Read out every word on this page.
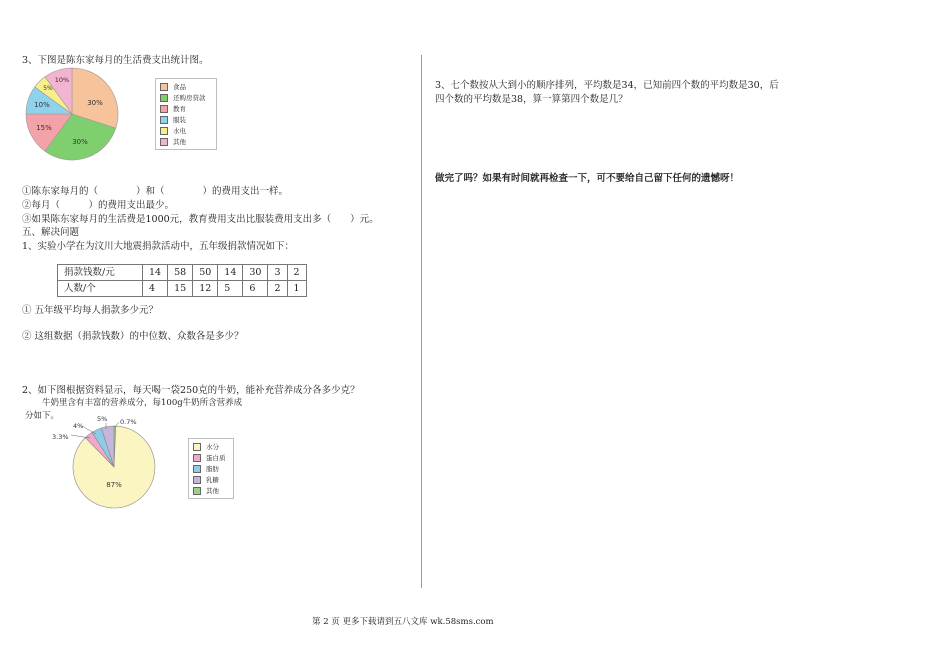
3、下图是陈东家每月的生活费支出统计图。
30%
30%
15%
10%
5%
10%
食品
还购房贷款
教育
服装
水电
其他
①陈东家每月的（　　　　）和（　　　　）的费用支出一样。
②每月（　　　）的费用支出最少。
③如果陈东家每月的生活费是1000元，教育费用支出比服装费用支出多（　　）元。
五、解决问题
1、实验小学在为汶川大地震捐款活动中，五年级捐款情况如下：
捐款钱数/元	14	58	50	14	30	3	2
人数/个	4	15	12	5	6	2	1
① 五年级平均每人捐款多少元？
② 这组数据（捐款钱数）的中位数、众数各是多少？
2、如下图根据资料显示，每天喝一袋250克的牛奶，能补充营养成分各多少克？
牛奶里含有丰富的营养成分，每100g牛奶所含营养成
分如下。
87%
3.3%
4%
5% 0.7%
水分
蛋白质
脂肪
乳糖
其他
3、七个数按从大到小的顺序排列，平均数是34，已知前四个数的平均数是30，后
四个数的平均数是38，算一算第四个数是几？
做完了吗？如果有时间就再检查一下，可不要给自己留下任何的遗憾呀！
第 2 页 更多下载请到五八文库 wk.58sms.com
